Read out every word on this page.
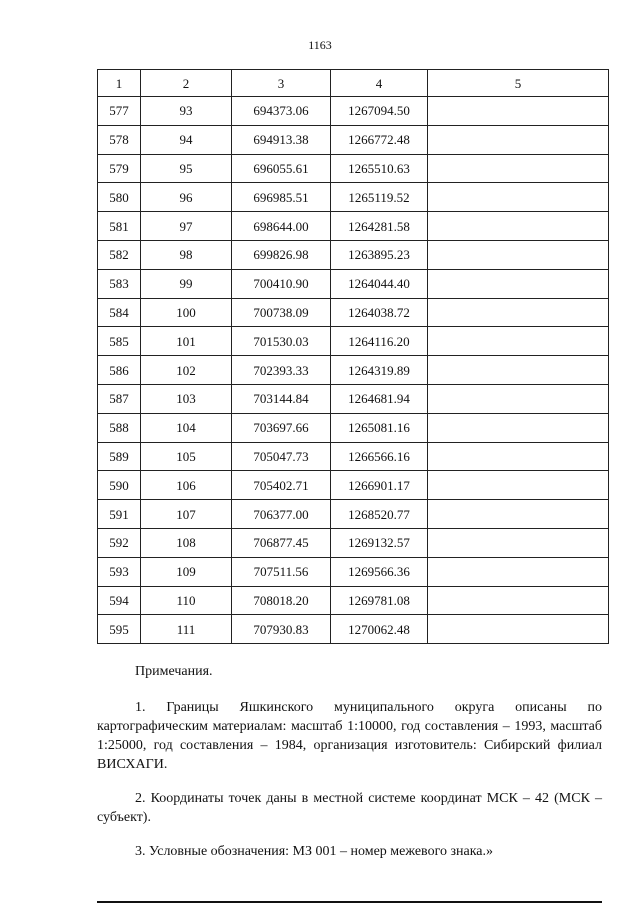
1163
1	2	3	4	5
577	93	694373.06	1267094.50	
578	94	694913.38	1266772.48	
579	95	696055.61	1265510.63	
580	96	696985.51	1265119.52	
581	97	698644.00	1264281.58	
582	98	699826.98	1263895.23	
583	99	700410.90	1264044.40	
584	100	700738.09	1264038.72	
585	101	701530.03	1264116.20	
586	102	702393.33	1264319.89	
587	103	703144.84	1264681.94	
588	104	703697.66	1265081.16	
589	105	705047.73	1266566.16	
590	106	705402.71	1266901.17	
591	107	706377.00	1268520.77	
592	108	706877.45	1269132.57	
593	109	707511.56	1269566.36	
594	110	708018.20	1269781.08	
595	111	707930.83	1270062.48	

Примечания.

1. Границы Яшкинского муниципального округа описаны по картографическим материалам: масштаб 1:10000, год составления – 1993, масштаб 1:25000, год составления – 1984, организация изготовитель: Сибирский филиал ВИСХАГИ.

2. Координаты точек даны в местной системе координат МСК – 42 (МСК – субъект).

3. Условные обозначения: МЗ 001 – номер межевого знака.»
